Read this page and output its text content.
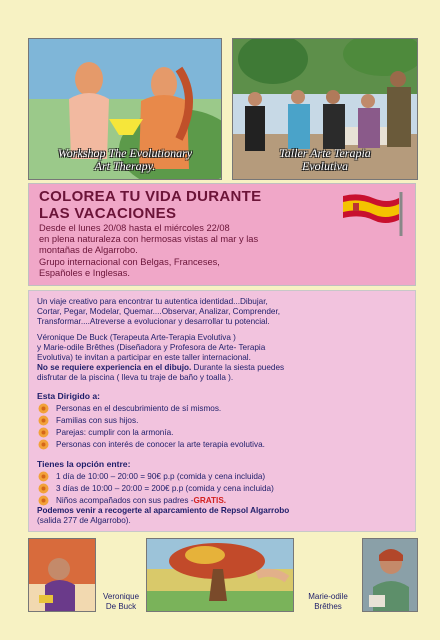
Workshop The Evolutionary
Art Therapy.
Taller Arte Terapia
Evolutiva
COLOREA TU VIDA DURANTE
LAS VACACIONES
Desde el lunes 20/08 hasta el miércoles 22/08
en plena naturaleza con hermosas vistas al mar y las
montañas de Algarrobo.
Grupo internacional con Belgas, Franceses,
Españoles e Inglesas.
Un viaje creativo para encontrar tu autentica identidad...Dibujar,
Cortar, Pegar, Modelar, Quemar....Observar, Analizar, Comprender,
Transformar....Atreverse a evolucionar y desarrollar tu potencial.
Véronique De Buck (Terapeuta Arte-Terapia Evolutiva )
y Marie-odile Brêthes (Diseñadora y Profesora de Arte- Terapia
Evolutiva) te invitan a participar en este taller internacional.
No se requiere experiencia en el dibujo. Durante la siesta puedes
disfrutar de la piscina ( lleva tu traje de baño y toalla ).
Esta Dirigido a:
Personas en el descubrimiento de sí mismos.
Familias con sus hijos.
Parejas: cumplir con la armonía.
Personas con interés de conocer la arte terapia evolutiva.
Tienes la opción entre:
1 día de 10:00 – 20:00 = 90€ p.p (comida y cena incluida)
3 días de 10:00 – 20:00 = 200€ p.p (comida y cena incluida)
Niños acompañados con sus padres - GRATIS.
Podemos venir a recogerte al aparcamiento de Repsol Algarrobo
(salida 277 de Algarrobo).
Veronique
De Buck
Marie-odile
Brêthes
